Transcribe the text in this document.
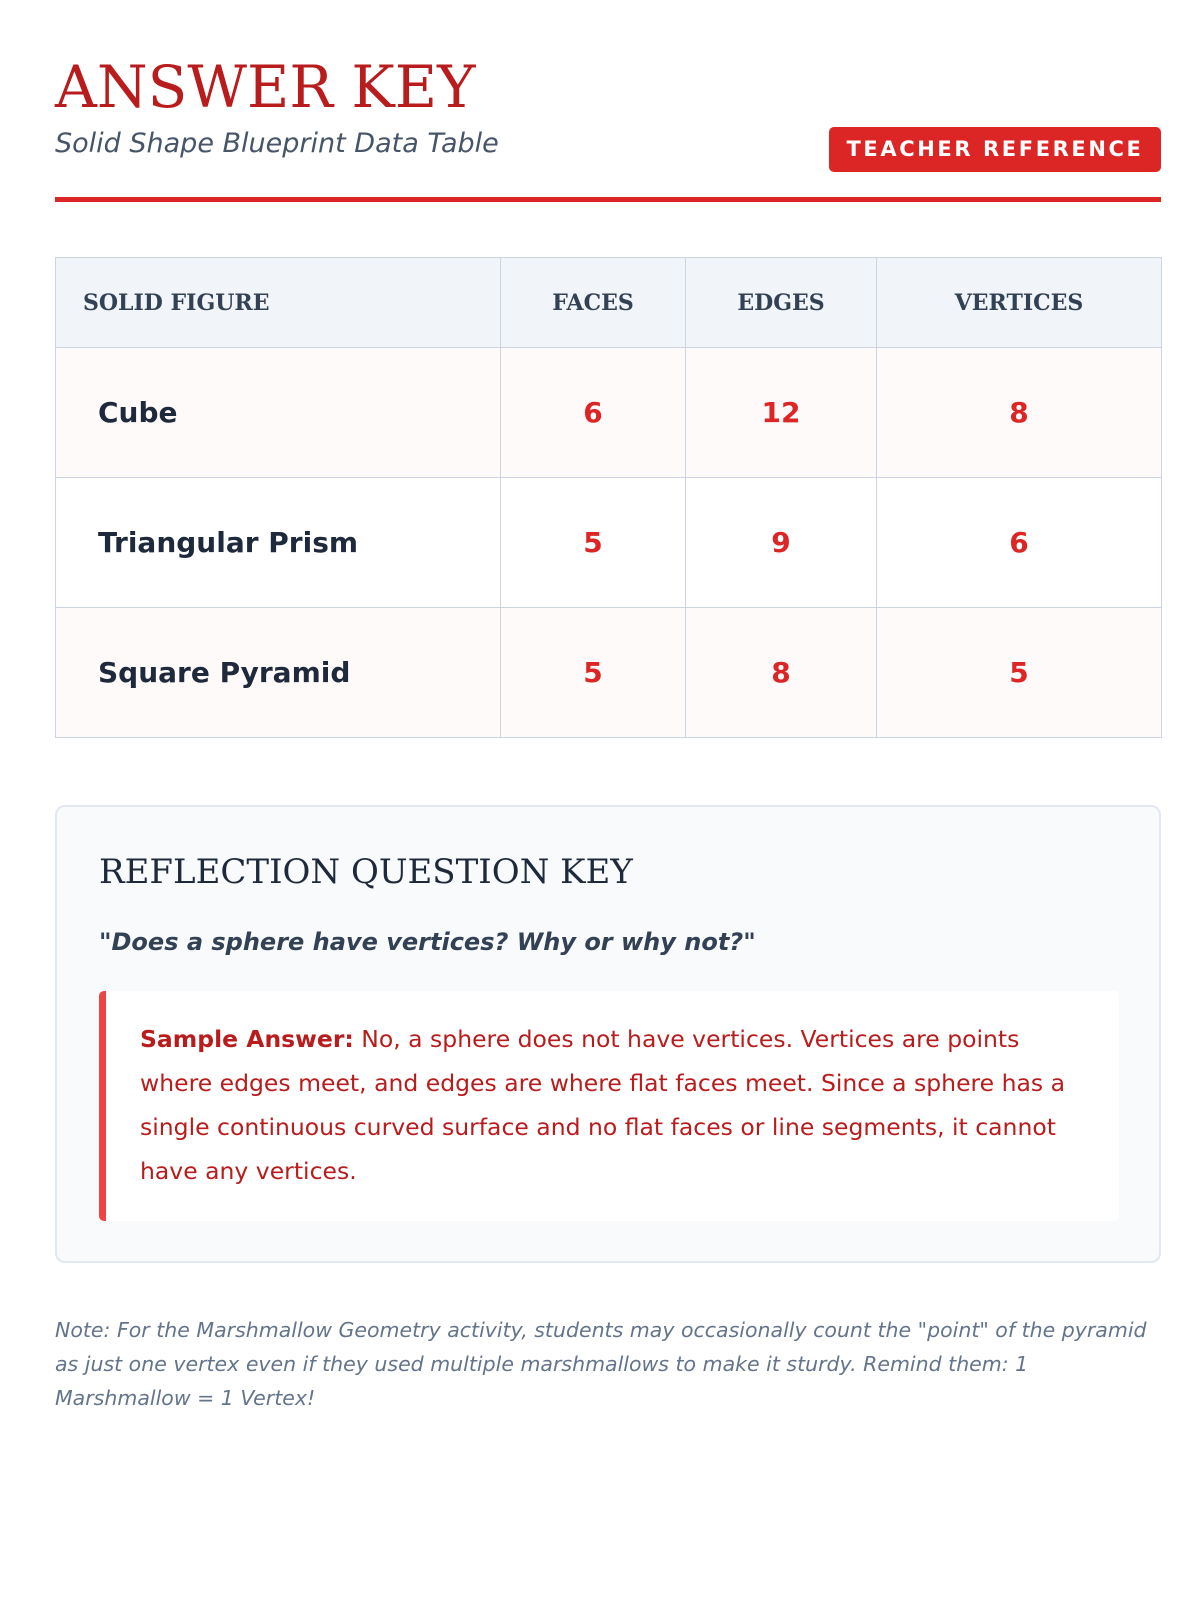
ANSWER KEY

Solid Shape Blueprint Data Table	TEACHER REFERENCE
SOLID FIGURE	FACES	EDGES	VERTICES
Cube	6	12	8
Triangular Prism	5	9	6
Square Pyramid	5	8	5
REFLECTION QUESTION KEY

"Does a sphere have vertices? Why or why not?"

Sample Answer: No, a sphere does not have vertices. Vertices are points where edges meet, and edges are where flat faces meet. Since a sphere has a single continuous curved surface and no flat faces or line segments, it cannot have any vertices.

Note: For the Marshmallow Geometry activity, students may occasionally count the "point" of the pyramid as just one vertex even if they used multiple marshmallows to make it sturdy. Remind them: 1 Marshmallow = 1 Vertex!
